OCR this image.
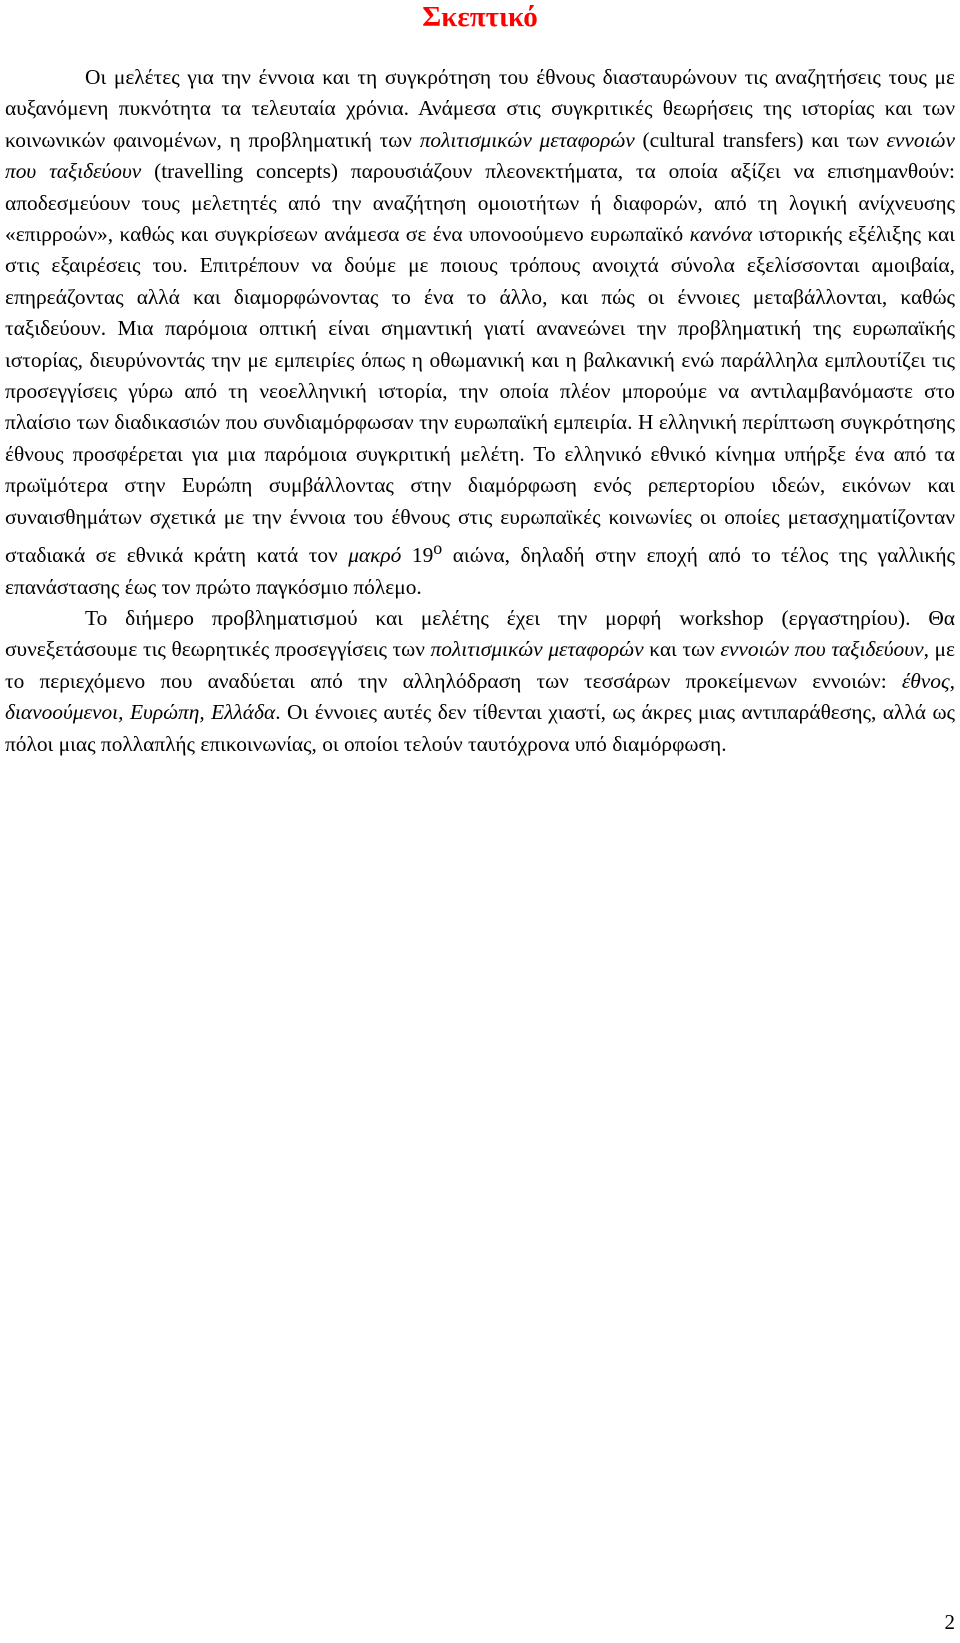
Σκεπτικό

Οι μελέτες για την έννοια και τη συγκρότηση του έθνους διασταυρώνουν τις αναζητήσεις τους με αυξανόμενη πυκνότητα τα τελευταία χρόνια. Ανάμεσα στις συγκριτικές θεωρήσεις της ιστορίας και των κοινωνικών φαινομένων, η προβληματική των πολιτισμικών μεταφορών (cultural transfers) και των εννοιών που ταξιδεύουν (travelling concepts) παρουσιάζουν πλεονεκτήματα, τα οποία αξίζει να επισημανθούν: αποδεσμεύουν τους μελετητές από την αναζήτηση ομοιοτήτων ή διαφορών, από τη λογική ανίχνευσης «επιρροών», καθώς και συγκρίσεων ανάμεσα σε ένα υπονοούμενο ευρωπαϊκό κανόνα ιστορικής εξέλιξης και στις εξαιρέσεις του. Επιτρέπουν να δούμε με ποιους τρόπους ανοιχτά σύνολα εξελίσσονται αμοιβαία, επηρεάζοντας αλλά και διαμορφώνοντας το ένα το άλλο, και πώς οι έννοιες μεταβάλλονται, καθώς ταξιδεύουν. Μια παρόμοια οπτική είναι σημαντική γιατί ανανεώνει την προβληματική της ευρωπαϊκής ιστορίας, διευρύνοντάς την με εμπειρίες όπως η οθωμανική και η βαλκανική ενώ παράλληλα εμπλουτίζει τις προσεγγίσεις γύρω από τη νεοελληνική ιστορία, την οποία πλέον μπορούμε να αντιλαμβανόμαστε στο πλαίσιο των διαδικασιών που συνδιαμόρφωσαν την ευρωπαϊκή εμπειρία. Η ελληνική περίπτωση συγκρότησης έθνους προσφέρεται για μια παρόμοια συγκριτική μελέτη. Το ελληνικό εθνικό κίνημα υπήρξε ένα από τα πρωϊμότερα στην Ευρώπη συμβάλλοντας στην διαμόρφωση ενός ρεπερτορίου ιδεών, εικόνων και συναισθημάτων σχετικά με την έννοια του έθνους στις ευρωπαϊκές κοινωνίες οι οποίες μετασχηματίζονταν σταδιακά σε εθνικά κράτη κατά τον μακρό $19^o$ αιώνα, δηλαδή στην εποχή από το τέλος της γαλλικής επανάστασης έως τον πρώτο παγκόσμιο πόλεμο.

Το διήμερο προβληματισμού και μελέτης έχει την μορφή workshop (εργαστηρίου). Θα συνεξετάσουμε τις θεωρητικές προσεγγίσεις των πολιτισμικών μεταφορών και των εννοιών που ταξιδεύουν, με το περιεχόμενο που αναδύεται από την αλληλόδραση των τεσσάρων προκείμενων εννοιών: έθνος, διανοούμενοι, Ευρώπη, Ελλάδα. Οι έννοιες αυτές δεν τίθενται χιαστί, ως άκρες μιας αντιπαράθεσης, αλλά ως πόλοι μιας πολλαπλής επικοινωνίας, οι οποίοι τελούν ταυτόχρονα υπό διαμόρφωση.

2
